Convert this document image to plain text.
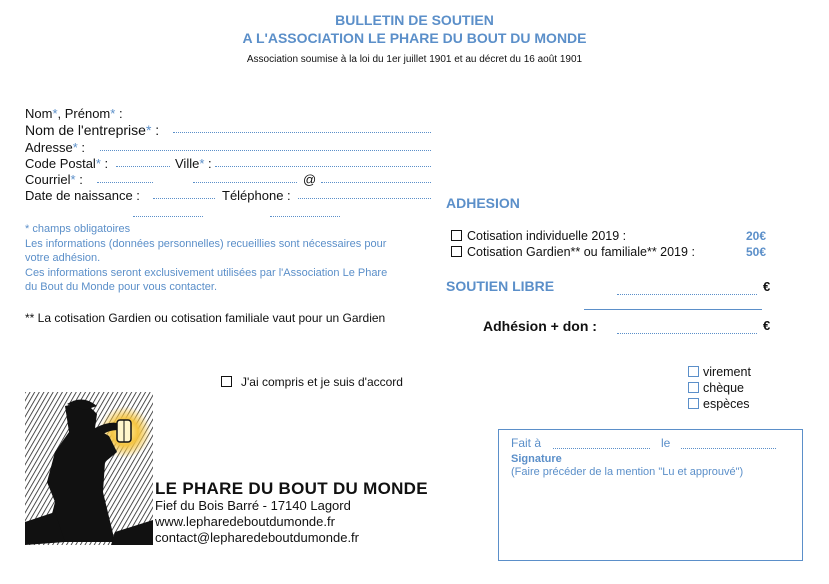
BULLETIN DE SOUTIEN
A L'ASSOCIATION LE PHARE DU BOUT DU MONDE
Association soumise à la loi du 1er juillet 1901 et au décret du 16 août 1901
Nom*, Prénom* :
Nom de l'entreprise* :
Adresse* :
Code Postal* :	Ville* :
Courriel* :	@
Date de naissance :	Téléphone :
* champs obligatoires
Les informations (données personnelles) recueillies sont nécessaires pour
votre adhésion.
Ces informations seront exclusivement utilisées par l'Association Le Phare
du Bout du Monde pour vous contacter.
** La cotisation Gardien ou cotisation familiale vaut pour un Gardien
J'ai compris et je suis d'accord
ADHESION
Cotisation individuelle 2019 :	20€
Cotisation Gardien** ou familiale** 2019 :	50€
SOUTIEN LIBRE	€
Adhésion + don :	€
virement
chèque
espèces
Fait à	le
Signature
(Faire précéder de la mention "Lu et approuvé")
LE PHARE DU BOUT DU MONDE
Fief du Bois Barré - 17140 Lagord
www.lepharedeboutdumonde.fr
contact@lepharedeboutdumonde.fr
